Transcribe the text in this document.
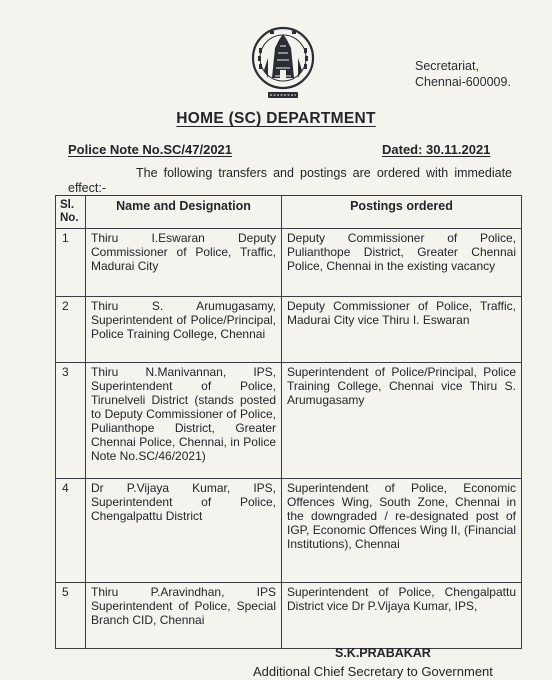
Secretariat,
Chennai-600009.
HOME (SC) DEPARTMENT
Police Note No.SC/47/2021	Dated: 30.11.2021
The following transfers and postings are ordered with immediate effect:-
Sl. No.	Name and Designation	Postings ordered
1	Thiru I.Eswaran Deputy Commissioner of Police, Traffic, Madurai City	Deputy Commissioner of Police, Pulianthope District, Greater Chennai Police, Chennai in the existing vacancy
2	Thiru S. Arumugasamy, Superintendent of Police/Principal, Police Training College, Chennai	Deputy Commissioner of Police, Traffic, Madurai City vice Thiru I. Eswaran
3	Thiru N.Manivannan, IPS, Superintendent of Police, Tirunelveli District (stands posted to Deputy Commissioner of Police, Pulianthope District, Greater Chennai Police, Chennai, in Police Note No.SC/46/2021)	Superintendent of Police/Principal, Police Training College, Chennai vice Thiru S. Arumugasamy
4	Dr P.Vijaya Kumar, IPS, Superintendent of Police, Chengalpattu District	Superintendent of Police, Economic Offences Wing, South Zone, Chennai in the downgraded / re-designated post of IGP, Economic Offences Wing II, (Financial Institutions), Chennai
5	Thiru P.Aravindhan, IPS Superintendent of Police, Special Branch CID, Chennai	Superintendent of Police, Chengalpattu District vice Dr P.Vijaya Kumar, IPS,
S.K.PRABAKAR
Additional Chief Secretary to Government
